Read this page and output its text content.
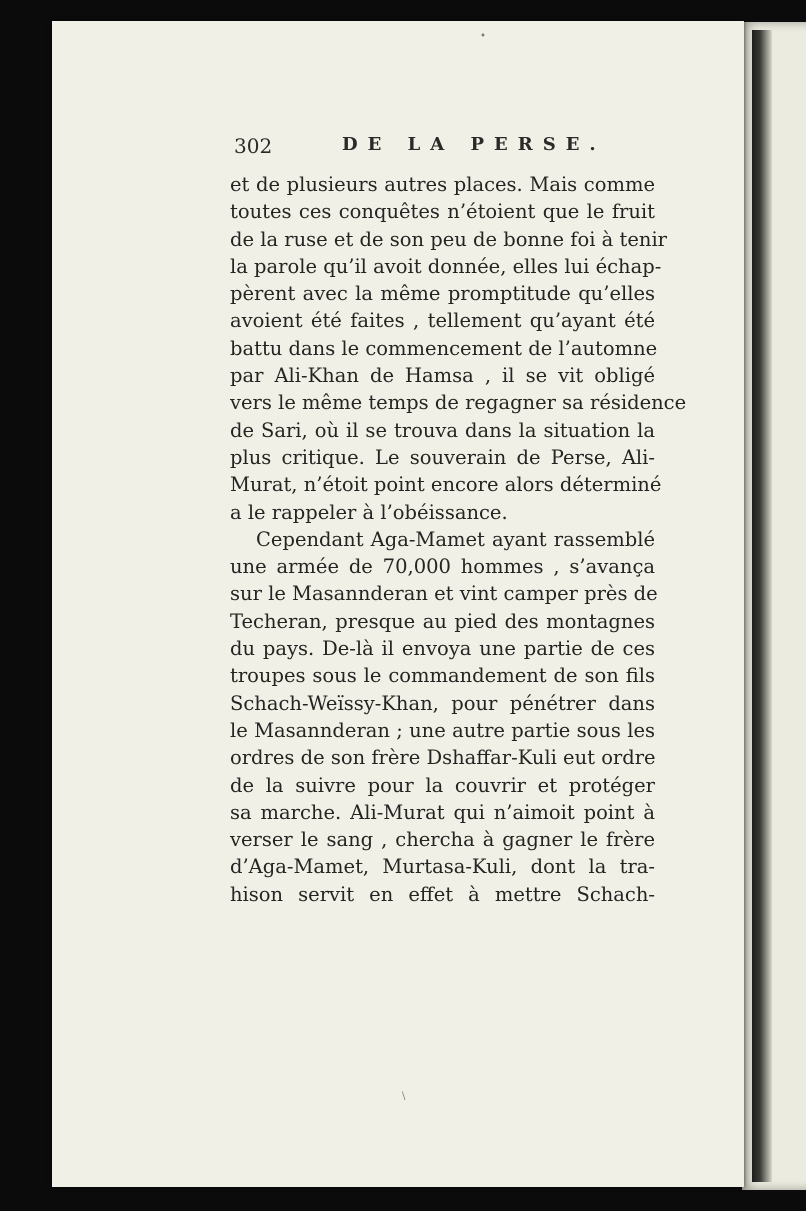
•
\
302	DE LA PERSE.
et de plusieurs autres places. Mais comme
toutes ces conquêtes n’étoient que le fruit
de la ruse et de son peu de bonne foi à tenir
la parole qu’il avoit donnée, elles lui échap-
pèrent avec la même promptitude qu’elles
avoient été faites , tellement qu’ayant été
battu dans le commencement de l’automne
par Ali-Khan de Hamsa , il se vit obligé
vers le même temps de regagner sa résidence
de Sari, où il se trouva dans la situation la
plus critique. Le souverain de Perse, Ali-
Murat, n’étoit point encore alors déterminé
a le rappeler à l’obéissance.
Cependant Aga-Mamet ayant rassemblé
une armée de 70,000 hommes , s’avança
sur le Masannderan et vint camper près de
Techeran, presque au pied des montagnes
du pays. De-là il envoya une partie de ces
troupes sous le commandement de son fils
Schach-Weïssy-Khan, pour pénétrer dans
le Masannderan ; une autre partie sous les
ordres de son frère Dshaffar-Kuli eut ordre
de la suivre pour la couvrir et protéger
sa marche. Ali-Murat qui n’aimoit point à
verser le sang , chercha à gagner le frère
d’Aga-Mamet, Murtasa-Kuli, dont la tra-
hison servit en effet à mettre Schach-
